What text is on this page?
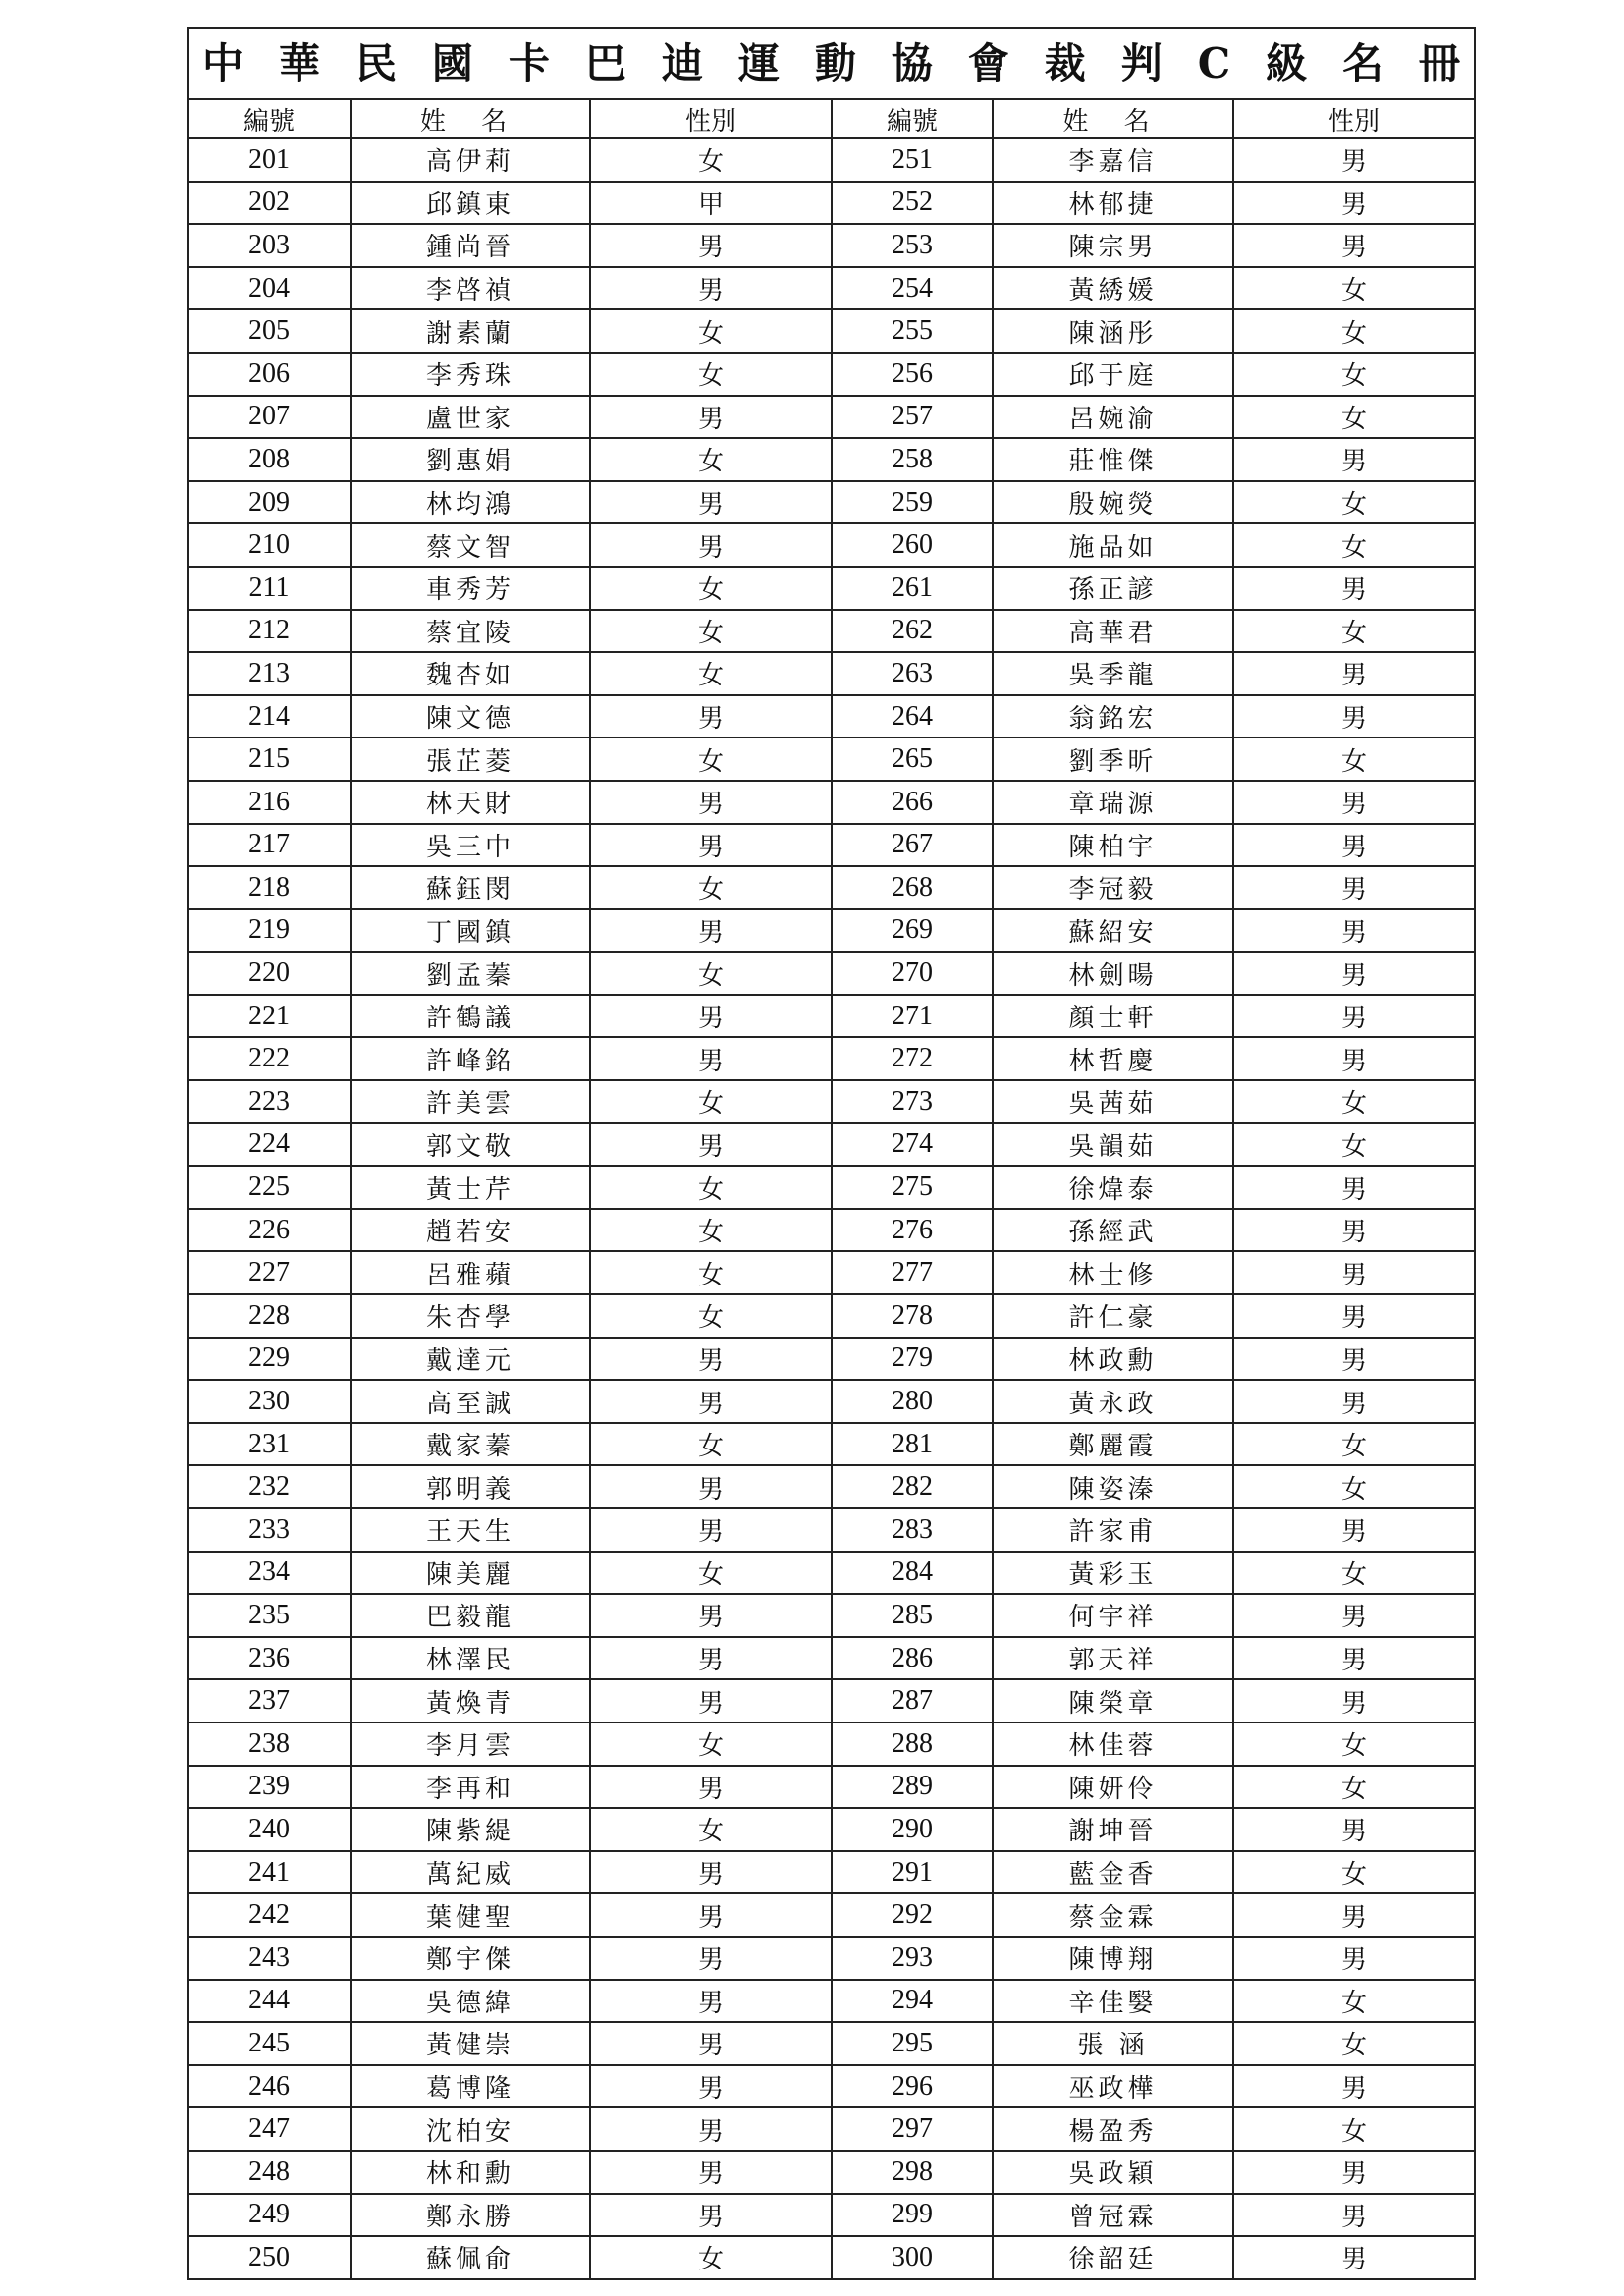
中華民國卡巴迪運動協會裁判C級名冊					

編號	姓 名	性別	編號	姓 名	性別
201	高伊莉	女	251	李嘉信	男
202	邱鎮東	甲	252	林郁捷	男
203	鍾尚晉	男	253	陳宗男	男
204	李啓禎	男	254	黃綉媛	女
205	謝素蘭	女	255	陳涵彤	女
206	李秀珠	女	256	邱于庭	女
207	盧世家	男	257	呂婉渝	女
208	劉惠娟	女	258	莊惟傑	男
209	林均鴻	男	259	殷婉熒	女
210	蔡文智	男	260	施品如	女
211	車秀芳	女	261	孫正諺	男
212	蔡宜陵	女	262	高華君	女
213	魏杏如	女	263	吳季龍	男
214	陳文德	男	264	翁銘宏	男
215	張芷菱	女	265	劉季昕	女
216	林天財	男	266	章瑞源	男
217	吳三中	男	267	陳柏宇	男
218	蘇鈺閔	女	268	李冠毅	男
219	丁國鎮	男	269	蘇紹安	男
220	劉孟蓁	女	270	林劍暘	男
221	許鶴議	男	271	顏士軒	男
222	許峰銘	男	272	林哲慶	男
223	許美雲	女	273	吳茜茹	女
224	郭文敬	男	274	吳韻茹	女
225	黃士芹	女	275	徐煒泰	男
226	趙若安	女	276	孫經武	男
227	呂雅蘋	女	277	林士修	男
228	朱杏學	女	278	許仁豪	男
229	戴達元	男	279	林政勳	男
230	高至誠	男	280	黃永政	男
231	戴家蓁	女	281	鄭麗霞	女
232	郭明義	男	282	陳姿溱	女
233	王天生	男	283	許家甫	男
234	陳美麗	女	284	黃彩玉	女
235	巴毅龍	男	285	何宇祥	男
236	林澤民	男	286	郭天祥	男
237	黃煥青	男	287	陳榮章	男
238	李月雲	女	288	林佳蓉	女
239	李再和	男	289	陳妍伶	女
240	陳紫緹	女	290	謝坤晉	男
241	萬紀威	男	291	藍金香	女
242	葉健聖	男	292	蔡金霖	男
243	鄭宇傑	男	293	陳博翔	男
244	吳德緯	男	294	辛佳嫛	女
245	黃健崇	男	295	張 涵	女
246	葛博隆	男	296	巫政樺	男
247	沈柏安	男	297	楊盈秀	女
248	林和勳	男	298	吳政穎	男
249	鄭永勝	男	299	曾冠霖	男
250	蘇佩俞	女	300	徐韶廷	男
